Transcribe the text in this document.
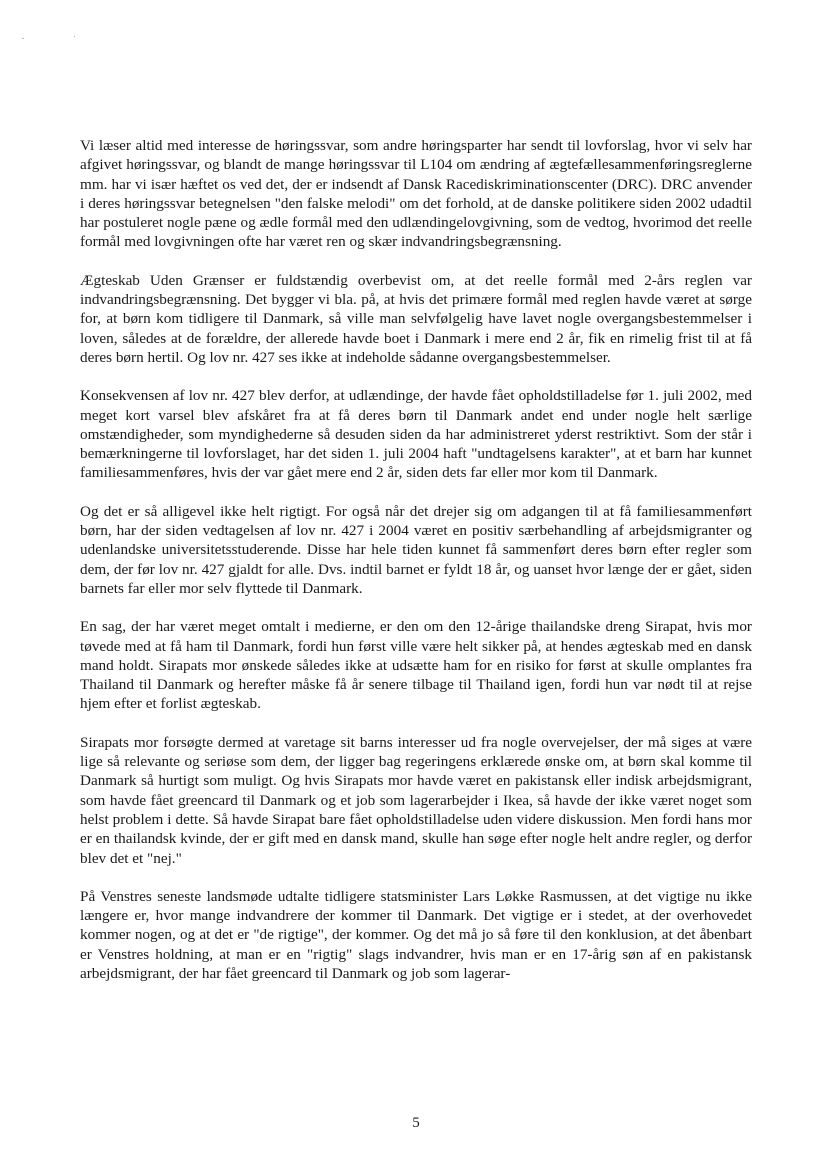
Vi læser altid med interesse de høringssvar, som andre høringsparter har sendt til lovforslag, hvor vi selv har afgivet høringssvar, og blandt de mange høringssvar til L104 om ændring af ægtefællesammenføringsreglerne mm. har vi især hæftet os ved det, der er indsendt af Dansk Racediskriminationscenter (DRC). DRC anvender i deres høringssvar betegnelsen "den falske melodi" om det forhold, at de danske politikere siden 2002 udadtil har postuleret nogle pæne og ædle formål med den udlændingelovgivning, som de vedtog, hvorimod det reelle formål med lovgivningen ofte har været ren og skær indvandringsbegrænsning.

Ægteskab Uden Grænser er fuldstændig overbevist om, at det reelle formål med 2-års reglen var indvandringsbegrænsning. Det bygger vi bla. på, at hvis det primære formål med reglen havde været at sørge for, at børn kom tidligere til Danmark, så ville man selvfølgelig have lavet nogle overgangsbestemmelser i loven, således at de forældre, der allerede havde boet i Danmark i mere end 2 år, fik en rimelig frist til at få deres børn hertil. Og lov nr. 427 ses ikke at indeholde sådanne overgangsbestemmelser.

Konsekvensen af lov nr. 427 blev derfor, at udlændinge, der havde fået opholdstilladelse før 1. juli 2002, med meget kort varsel blev afskåret fra at få deres børn til Danmark andet end under nogle helt særlige omstændigheder, som myndighederne så desuden siden da har administreret yderst restriktivt. Som der står i bemærkningerne til lovforslaget, har det siden 1. juli 2004 haft "undtagelsens karakter", at et barn har kunnet familiesammenføres, hvis der var gået mere end 2 år, siden dets far eller mor kom til Danmark.

Og det er så alligevel ikke helt rigtigt. For også når det drejer sig om adgangen til at få familiesammenført børn, har der siden vedtagelsen af lov nr. 427 i 2004 været en positiv særbehandling af arbejdsmigranter og udenlandske universitetsstuderende. Disse har hele tiden kunnet få sammenført deres børn efter regler som dem, der før lov nr. 427 gjaldt for alle. Dvs. indtil barnet er fyldt 18 år, og uanset hvor længe der er gået, siden barnets far eller mor selv flyttede til Danmark.

En sag, der har været meget omtalt i medierne, er den om den 12-årige thailandske dreng Sirapat, hvis mor tøvede med at få ham til Danmark, fordi hun først ville være helt sikker på, at hendes ægteskab med en dansk mand holdt. Sirapats mor ønskede således ikke at udsætte ham for en risiko for først at skulle omplantes fra Thailand til Danmark og herefter måske få år senere tilbage til Thailand igen, fordi hun var nødt til at rejse hjem efter et forlist ægteskab.

Sirapats mor forsøgte dermed at varetage sit barns interesser ud fra nogle overvejelser, der må siges at være lige så relevante og seriøse som dem, der ligger bag regeringens erklærede ønske om, at børn skal komme til Danmark så hurtigt som muligt. Og hvis Sirapats mor havde været en pakistansk eller indisk arbejdsmigrant, som havde fået greencard til Danmark og et job som lagerarbejder i Ikea, så havde der ikke været noget som helst problem i dette. Så havde Sirapat bare fået opholdstilladelse uden videre diskussion. Men fordi hans mor er en thailandsk kvinde, der er gift med en dansk mand, skulle han søge efter nogle helt andre regler, og derfor blev det et "nej."

På Venstres seneste landsmøde udtalte tidligere statsminister Lars Løkke Rasmussen, at det vigtige nu ikke længere er, hvor mange indvandrere der kommer til Danmark. Det vigtige er i stedet, at der overhovedet kommer nogen, og at det er "de rigtige", der kommer. Og det må jo så føre til den konklusion, at det åbenbart er Venstres holdning, at man er en "rigtig" slags indvandrer, hvis man er en 17-årig søn af en pakistansk arbejdsmigrant, der har fået greencard til Danmark og job som lagerar-

5
